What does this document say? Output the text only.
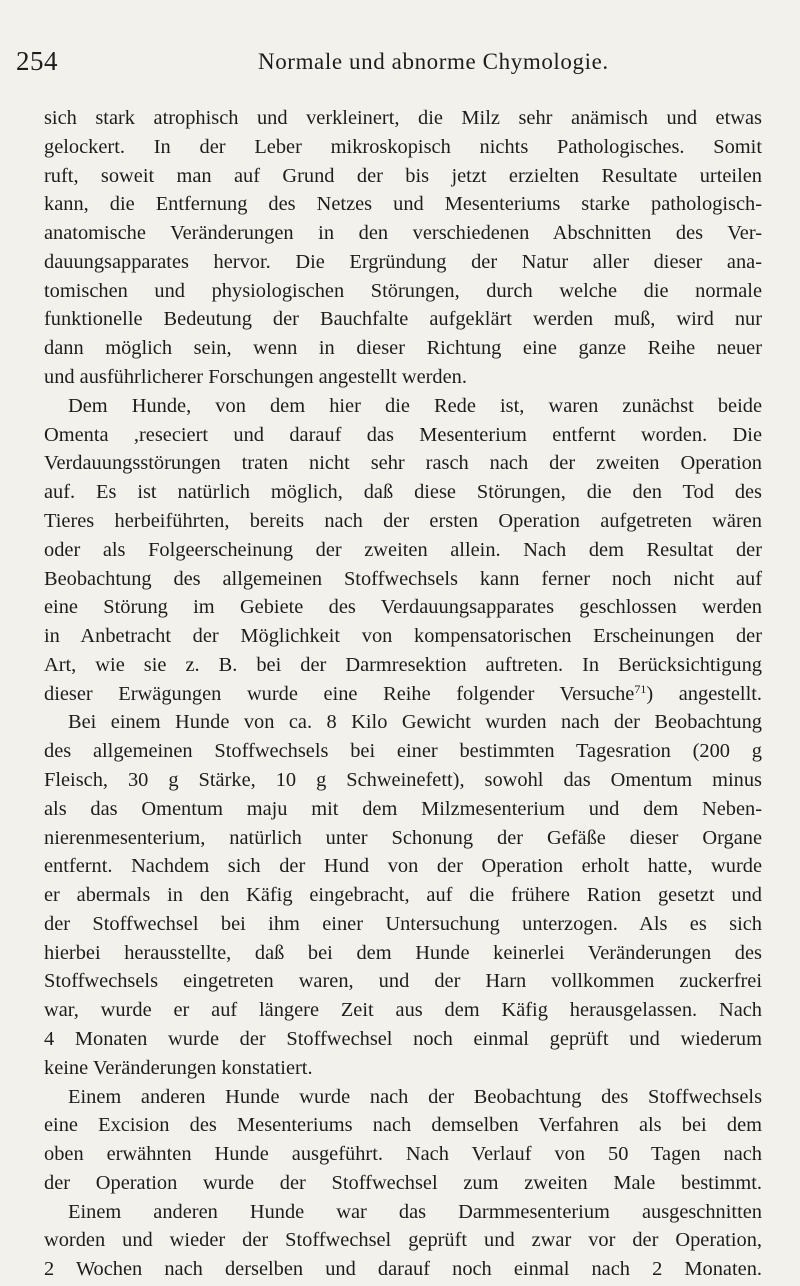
254	Normale und abnorme Chymologie.

sich stark atrophisch und verkleinert, die Milz sehr anämisch und etwas
gelockert. In der Leber mikroskopisch nichts Pathologisches. Somit
ruft, soweit man auf Grund der bis jetzt erzielten Resultate urteilen
kann, die Entfernung des Netzes und Mesenteriums starke pathologisch-
anatomische Veränderungen in den verschiedenen Abschnitten des Ver-
dauungsapparates hervor. Die Ergründung der Natur aller dieser ana-
tomischen und physiologischen Störungen, durch welche die normale
funktionelle Bedeutung der Bauchfalte aufgeklärt werden muß, wird nur
dann möglich sein, wenn in dieser Richtung eine ganze Reihe neuer
und ausführlicherer Forschungen angestellt werden.

Dem Hunde, von dem hier die Rede ist, waren zunächst beide
Omenta ,reseciert und darauf das Mesenterium entfernt worden. Die
Verdauungsstörungen traten nicht sehr rasch nach der zweiten Operation
auf. Es ist natürlich möglich, daß diese Störungen, die den Tod des
Tieres herbeiführten, bereits nach der ersten Operation aufgetreten wären
oder als Folgeerscheinung der zweiten allein. Nach dem Resultat der
Beobachtung des allgemeinen Stoffwechsels kann ferner noch nicht auf
eine Störung im Gebiete des Verdauungsapparates geschlossen werden
in Anbetracht der Möglichkeit von kompensatorischen Erscheinungen der
Art, wie sie z. B. bei der Darmresektion auftreten. In Berücksichtigung
dieser Erwägungen wurde eine Reihe folgender Versuche$^{71}$) angestellt.

Bei einem Hunde von ca. 8 Kilo Gewicht wurden nach der Beobachtung
des allgemeinen Stoffwechsels bei einer bestimmten Tagesration (200 g
Fleisch, 30 g Stärke, 10 g Schweinefett), sowohl das Omentum minus
als das Omentum maju mit dem Milzmesenterium und dem Neben-
nierenmesenterium, natürlich unter Schonung der Gefäße dieser Organe
entfernt. Nachdem sich der Hund von der Operation erholt hatte, wurde
er abermals in den Käfig eingebracht, auf die frühere Ration gesetzt und
der Stoffwechsel bei ihm einer Untersuchung unterzogen. Als es sich
hierbei herausstellte, daß bei dem Hunde keinerlei Veränderungen des
Stoffwechsels eingetreten waren, und der Harn vollkommen zuckerfrei
war, wurde er auf längere Zeit aus dem Käfig herausgelassen. Nach
4 Monaten wurde der Stoffwechsel noch einmal geprüft und wiederum
keine Veränderungen konstatiert.

Einem anderen Hunde wurde nach der Beobachtung des Stoffwechsels
eine Excision des Mesenteriums nach demselben Verfahren als bei dem
oben erwähnten Hunde ausgeführt. Nach Verlauf von 50 Tagen nach
der Operation wurde der Stoffwechsel zum zweiten Male bestimmt.

Einem anderen Hunde war das Darmmesenterium ausgeschnitten
worden und wieder der Stoffwechsel geprüft und zwar vor der Operation,
2 Wochen nach derselben und darauf noch einmal nach 2 Monaten.
